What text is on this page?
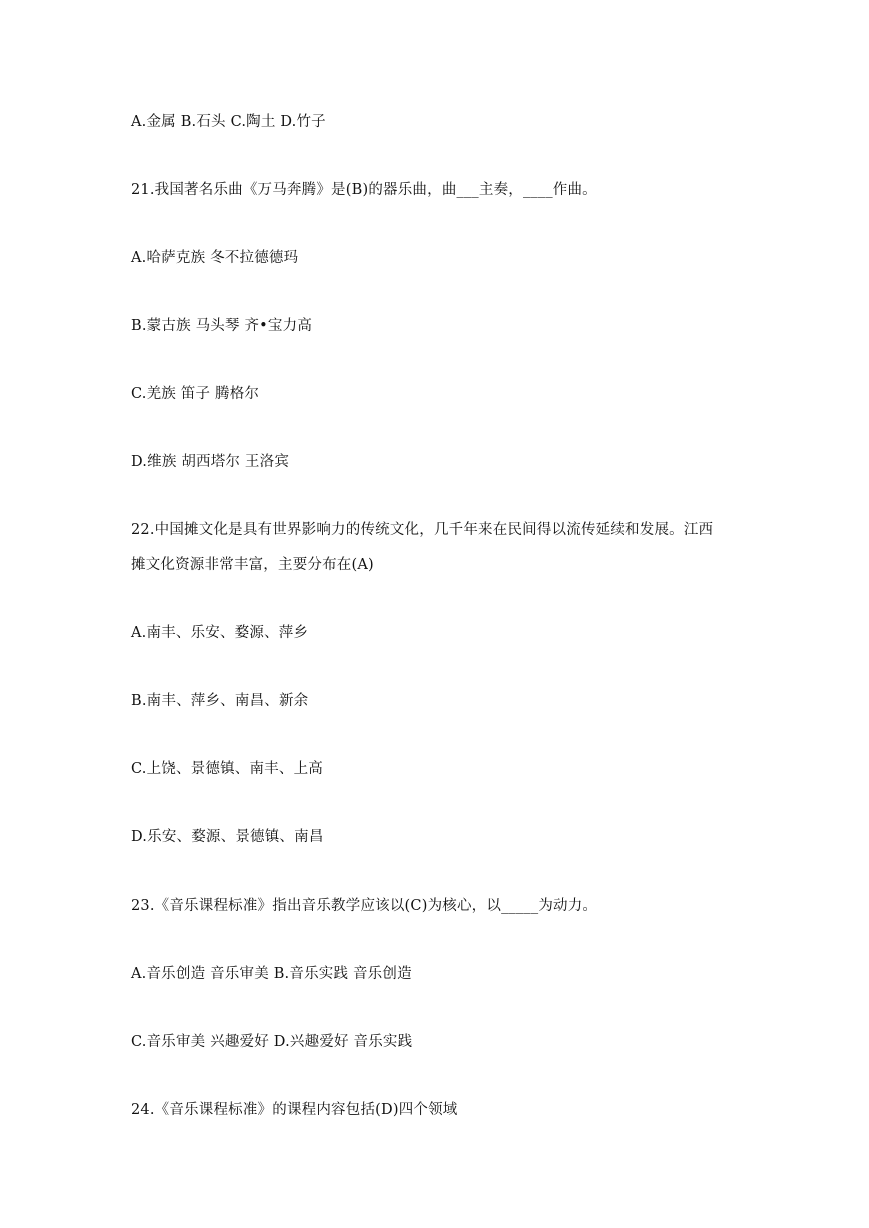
A.金属 B.石头 C.陶土 D.竹子
21.我国著名乐曲《万马奔腾》是(B)的器乐曲，曲___主奏，____作曲。
A.哈萨克族 冬不拉德德玛
B.蒙古族 马头琴 齐•宝力高
C.羌族 笛子 腾格尔
D.维族 胡西塔尔 王洛宾
22.中国摊文化是具有世界影响力的传统文化，几千年来在民间得以流传延续和发展。江西
摊文化资源非常丰富，主要分布在(A)
A.南丰、乐安、婺源、萍乡
B.南丰、萍乡、南昌、新余
C.上饶、景德镇、南丰、上高
D.乐安、婺源、景德镇、南昌
23.《音乐课程标准》指出音乐教学应该以(C)为核心，以_____为动力。
A.音乐创造 音乐审美 B.音乐实践 音乐创造
C.音乐审美 兴趣爱好 D.兴趣爱好 音乐实践
24.《音乐课程标准》的课程内容包括(D)四个领域
